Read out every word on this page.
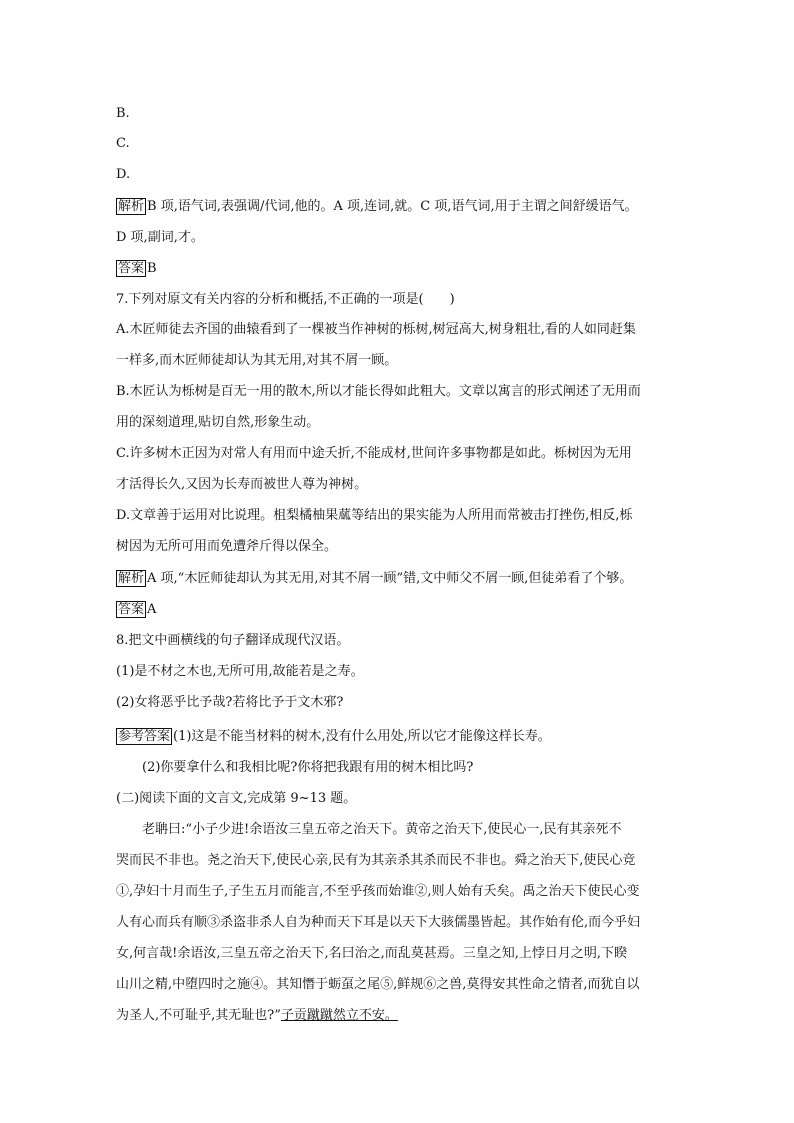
B.
C.
D.
解析 B 项,语气词,表强调/代词,他的。A 项,连词,就。C 项,语气词,用于主谓之间舒缓语气。
D 项,副词,才。
答案 B
7.下列对原文有关内容的分析和概括,不正确的一项是(　　)
A.木匠师徒去齐国的曲辕看到了一棵被当作神树的栎树,树冠高大,树身粗壮,看的人如同赶集
一样多,而木匠师徒却认为其无用,对其不屑一顾。
B.木匠认为栎树是百无一用的散木,所以才能长得如此粗大。文章以寓言的形式阐述了无用而
用的深刻道理,贴切自然,形象生动。
C.许多树木正因为对常人有用而中途夭折,不能成材,世间许多事物都是如此。栎树因为无用
才活得长久,又因为长寿而被世人尊为神树。
D.文章善于运用对比说理。柤梨橘柚果蓏等结出的果实能为人所用而常被击打挫伤,相反,栎
树因为无所可用而免遭斧斤得以保全。
解析 A 项,“木匠师徒却认为其无用,对其不屑一顾”错,文中师父不屑一顾,但徒弟看了个够。
答案 A
8.把文中画横线的句子翻译成现代汉语。
(1)是不材之木也,无所可用,故能若是之寿。
(2)女将恶乎比予哉?若将比予于文木邪?
参考答案 (1)这是不能当材料的树木,没有什么用处,所以它才能像这样长寿。
(2)你要拿什么和我相比呢?你将把我跟有用的树木相比吗?
(二)阅读下面的文言文,完成第 9~13 题。
老聃曰:“小子少进!余语汝三皇五帝之治天下。黄帝之治天下,使民心一,民有其亲死不
哭而民不非也。尧之治天下,使民心亲,民有为其亲杀其杀而民不非也。舜之治天下,使民心竞
①,孕妇十月而生子,子生五月而能言,不至乎孩而始谁②,则人始有夭矣。禹之治天下使民心变
人有心而兵有顺③杀盗非杀人自为种而天下耳是以天下大骇儒墨皆起。其作始有伦,而今乎妇
女,何言哉!余语汝,三皇五帝之治天下,名曰治之,而乱莫甚焉。三皇之知,上悖日月之明,下睽
山川之精,中堕四时之施④。其知憯于蛎虿之尾⑤,鲜规⑥之兽,莫得安其性命之情者,而犹自以
为圣人,不可耻乎,其无耻也?”子贡蹴蹴然立不安。
